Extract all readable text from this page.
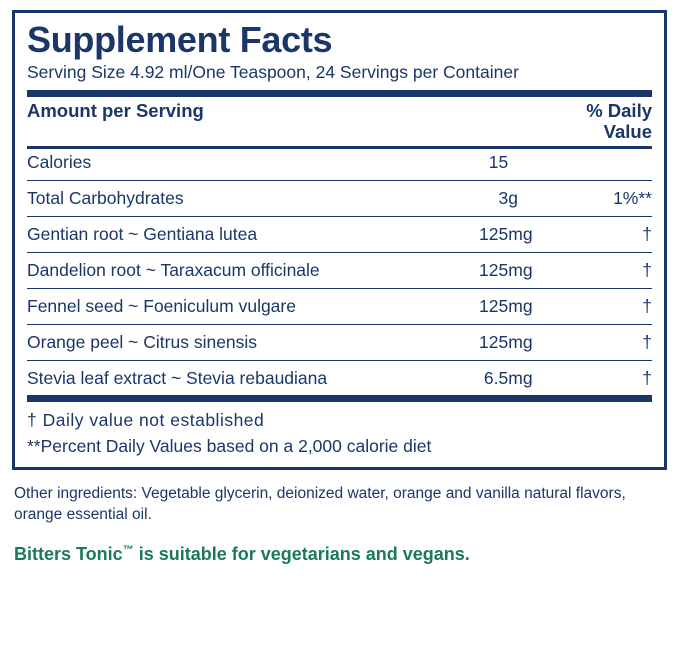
Supplement Facts
Serving Size 4.92 ml/One Teaspoon, 24 Servings per Container
Amount per Serving	% Daily
Value
Calories	15		

Total Carbohydrates	3	g	1%**

Gentian root ~ Gentiana lutea	125	mg	†

Dandelion root ~ Taraxacum officinale	125	mg	†

Fennel seed ~ Foeniculum vulgare	125	mg	†

Orange peel ~ Citrus sinensis	125	mg	†

Stevia leaf extract ~ Stevia rebaudiana	6.5	mg	†
† Daily value not established
**Percent Daily Values based on a 2,000 calorie diet
Other ingredients: Vegetable glycerin, deionized water, orange and vanilla natural flavors, orange essential oil.
Bitters Tonic™ is suitable for vegetarians and vegans.
